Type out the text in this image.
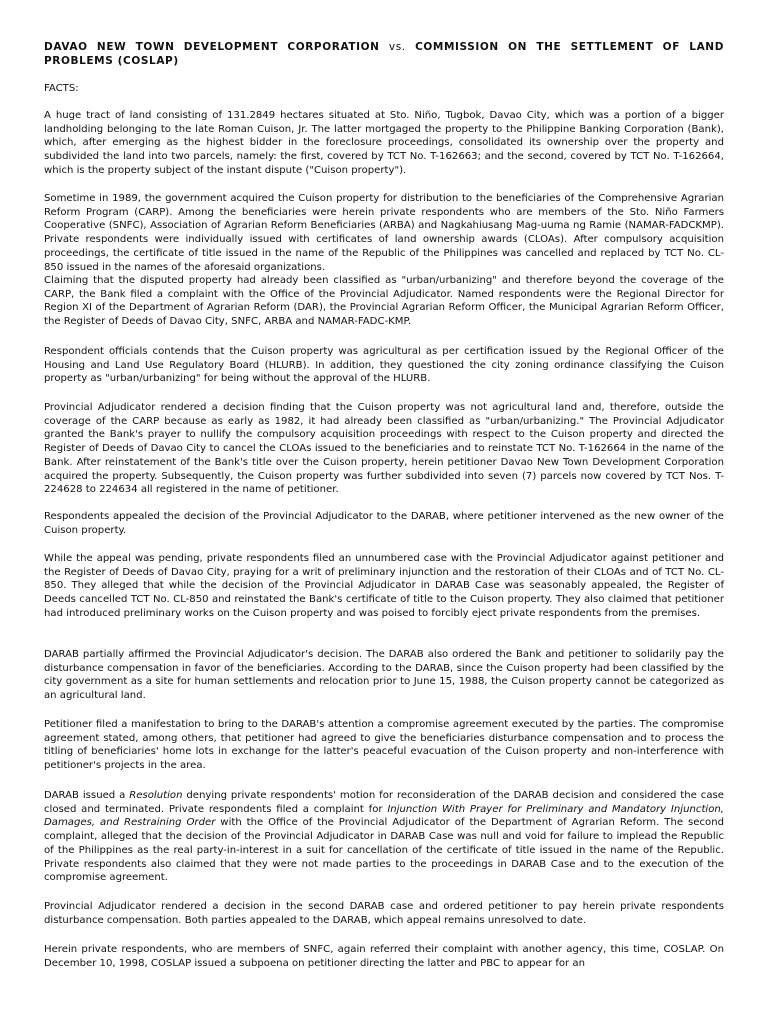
DAVAO NEW TOWN DEVELOPMENT CORPORATION vs. COMMISSION ON THE SETTLEMENT OF LAND PROBLEMS (COSLAP)
FACTS:
A huge tract of land consisting of 131.2849 hectares situated at Sto. Niño, Tugbok, Davao City, which was a portion of a bigger landholding belonging to the late Roman Cuison, Jr. The latter mortgaged the property to the Philippine Banking Corporation (Bank), which, after emerging as the highest bidder in the foreclosure proceedings, consolidated its ownership over the property and subdivided the land into two parcels, namely: the first, covered by TCT No. T-162663; and the second, covered by TCT No. T-162664, which is the property subject of the instant dispute ("Cuison property").
Sometime in 1989, the government acquired the Cuison property for distribution to the beneficiaries of the Comprehensive Agrarian Reform Program (CARP). Among the beneficiaries were herein private respondents who are members of the Sto. Niño Farmers Cooperative (SNFC), Association of Agrarian Reform Beneficiaries (ARBA) and Nagkahiusang Mag-uuma ng Ramie (NAMAR-FADCKMP). Private respondents were individually issued with certificates of land ownership awards (CLOAs). After compulsory acquisition proceedings, the certificate of title issued in the name of the Republic of the Philippines was cancelled and replaced by TCT No. CL-850 issued in the names of the aforesaid organizations.
Claiming that the disputed property had already been classified as "urban/urbanizing" and therefore beyond the coverage of the CARP, the Bank filed a complaint with the Office of the Provincial Adjudicator. Named respondents were the Regional Director for Region XI of the Department of Agrarian Reform (DAR), the Provincial Agrarian Reform Officer, the Municipal Agrarian Reform Officer, the Register of Deeds of Davao City, SNFC, ARBA and NAMAR-FADC-KMP.
Respondent officials contends that the Cuison property was agricultural as per certification issued by the Regional Officer of the Housing and Land Use Regulatory Board (HLURB). In addition, they questioned the city zoning ordinance classifying the Cuison property as "urban/urbanizing" for being without the approval of the HLURB.
Provincial Adjudicator rendered a decision finding that the Cuison property was not agricultural land and, therefore, outside the coverage of the CARP because as early as 1982, it had already been classified as "urban/urbanizing." The Provincial Adjudicator granted the Bank's prayer to nullify the compulsory acquisition proceedings with respect to the Cuison property and directed the Register of Deeds of Davao City to cancel the CLOAs issued to the beneficiaries and to reinstate TCT No. T-162664 in the name of the Bank. After reinstatement of the Bank's title over the Cuison property, herein petitioner Davao New Town Development Corporation acquired the property. Subsequently, the Cuison property was further subdivided into seven (7) parcels now covered by TCT Nos. T-224628 to 224634 all registered in the name of petitioner.
Respondents appealed the decision of the Provincial Adjudicator to the DARAB, where petitioner intervened as the new owner of the Cuison property.
While the appeal was pending, private respondents filed an unnumbered case with the Provincial Adjudicator against petitioner and the Register of Deeds of Davao City, praying for a writ of preliminary injunction and the restoration of their CLOAs and of TCT No. CL-850. They alleged that while the decision of the Provincial Adjudicator in DARAB Case was seasonably appealed, the Register of Deeds cancelled TCT No. CL-850 and reinstated the Bank's certificate of title to the Cuison property. They also claimed that petitioner had introduced preliminary works on the Cuison property and was poised to forcibly eject private respondents from the premises.
DARAB partially affirmed the Provincial Adjudicator's decision. The DARAB also ordered the Bank and petitioner to solidarily pay the disturbance compensation in favor of the beneficiaries. According to the DARAB, since the Cuison property had been classified by the city government as a site for human settlements and relocation prior to June 15, 1988, the Cuison property cannot be categorized as an agricultural land.
Petitioner filed a manifestation to bring to the DARAB's attention a compromise agreement executed by the parties. The compromise agreement stated, among others, that petitioner had agreed to give the beneficiaries disturbance compensation and to process the titling of beneficiaries' home lots in exchange for the latter's peaceful evacuation of the Cuison property and non-interference with petitioner's projects in the area.
DARAB issued a Resolution denying private respondents' motion for reconsideration of the DARAB decision and considered the case closed and terminated. Private respondents filed a complaint for Injunction With Prayer for Preliminary and Mandatory Injunction, Damages, and Restraining Order with the Office of the Provincial Adjudicator of the Department of Agrarian Reform. The second complaint, alleged that the decision of the Provincial Adjudicator in DARAB Case was null and void for failure to implead the Republic of the Philippines as the real party-in-interest in a suit for cancellation of the certificate of title issued in the name of the Republic. Private respondents also claimed that they were not made parties to the proceedings in DARAB Case and to the execution of the compromise agreement.
Provincial Adjudicator rendered a decision in the second DARAB case and ordered petitioner to pay herein private respondents disturbance compensation. Both parties appealed to the DARAB, which appeal remains unresolved to date.
Herein private respondents, who are members of SNFC, again referred their complaint with another agency, this time, COSLAP. On December 10, 1998, COSLAP issued a subpoena on petitioner directing the latter and PBC to appear for an
